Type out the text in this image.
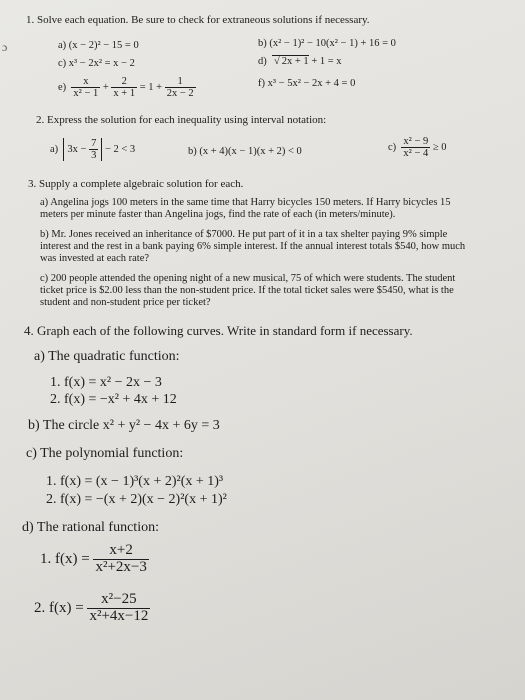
ɔ
1. Solve each equation. Be sure to check for extraneous solutions if necessary.
a) (x − 2)² − 15 = 0	b) (x² − 1)² − 10(x² − 1) + 16 = 0
c) x³ − 2x² = x − 2	d) √ 2x + 1 + 1 = x
$e) \frac{x}{\text{x² − 1}} + \frac{2}{x + 1} = 1 + \frac{1}{2x - 2}$	f) x³ − 5x² − 2x + 4 = 0
2. Express the solution for each inequality using interval notation:
a) 3x −
$\frac{7}{3} - 2 < 3$	b) (x + 4)(x − 1)(x + 2) < 0	$c) \frac{\text{x² − 9}}{\text{x² − 4}} \ge 0$
3. Supply a complete algebraic solution for each.
a) Angelina jogs 100 meters in the same time that Harry bicycles 150 meters. If Harry bicycles 15
meters per minute faster than Angelina jogs, find the rate of each (in meters/minute).
b) Mr. Jones received an inheritance of $7000. He put part of it in a tax shelter paying 9% simple
interest and the rest in a bank paying 6% simple interest. If the annual interest totals $540, how much
was invested at each rate?
c) 200 people attended the opening night of a new musical, 75 of which were students. The student
ticket price is $2.00 less than the non-student price. If the total ticket sales were $5450, what is the
student and non-student price per ticket?
4. Graph each of the following curves. Write in standard form if necessary.
a) The quadratic function:
1. f(x) = x² − 2x − 3
2. f(x) = −x² + 4x + 12
b) The circle x² + y² − 4x + 6y = 3
c) The polynomial function:
1. f(x) = (x − 1)³(x + 2)²(x + 1)³
2. f(x) = −(x + 2)(x − 2)²(x + 1)²
d) The rational function:
1. f(x) =
$\frac{x+2}{\text{x²+2x−3}}$
2. f(x) =
$\frac{\text{x²−25}}{\text{x²+4x−12}}$
